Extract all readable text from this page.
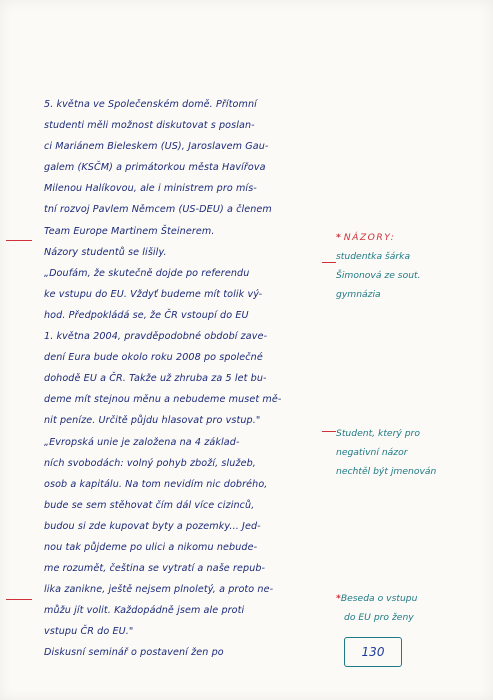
5. května ve Společenském domě. Přítomní
studenti měli možnost diskutovat s poslan-
ci Mariánem Bieleskem (US), Jaroslavem Gau-
galem (KSČM) a primátorkou města Havířova
Milenou Halíkovou, ale i ministrem pro mís-
tní rozvoj Pavlem Němcem (US-DEU) a členem
Team Europe Martinem Šteinerem.
Názory studentů se lišily.
„Doufám, že skutečně dojde po referendu
ke vstupu do EU. Vždyť budeme mít tolik vý-
hod. Předpokládá se, že ČR vstoupí do EU
1. května 2004, pravděpodobné období zave-
dení Eura bude okolo roku 2008 po společné
dohodě EU a ČR. Takže už zhruba za 5 let bu-
deme mít stejnou měnu a nebudeme muset mě-
nit peníze. Určitě půjdu hlasovat pro vstup."
„Evropská unie je založena na 4 základ-
ních svobodách: volný pohyb zboží, služeb,
osob a kapitálu. Na tom nevidím nic dobrého,
bude se sem stěhovat čím dál více cizinců,
budou si zde kupovat byty a pozemky... Jed-
nou tak půjdeme po ulici a nikomu nebude-
me rozumět, čeština se vytratí a naše repub-
lika zanikne, ještě nejsem plnoletý, a proto ne-
můžu jít volit. Každopádně jsem ale proti
vstupu ČR do EU."
Diskusní seminář o postavení žen po
* NÁZORY:
studentka šárka
Šimonová ze sout.
gymnázia
Student, který pro
negativní názor
nechtěl být jmenován
*Beseda o vstupu
do EU pro ženy
130
